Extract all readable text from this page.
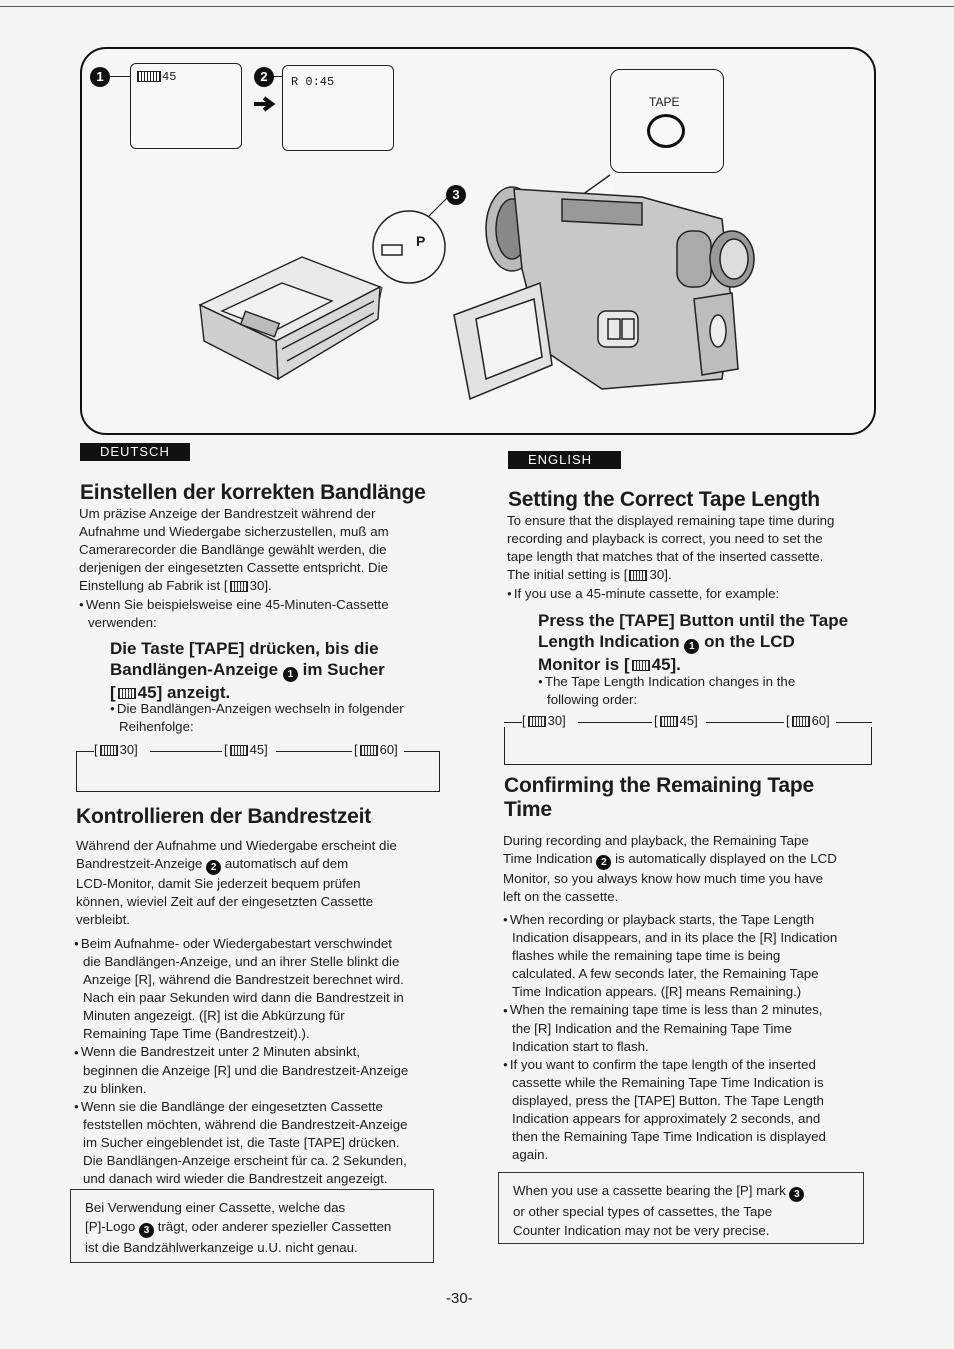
1	45	2	R 0:45
TAPE
3
P
DEUTSCH
Einstellen der korrekten Bandlänge

Um präzise Anzeige der Bandrestzeit während der

Aufnahme und Wiedergabe sicherzustellen, muß am

Camerarecorder die Bandlänge gewählt werden, die

derjenigen der eingesetzten Cassette entspricht. Die

Einstellung ab Fabrik ist [ 30].

● Wenn Sie beispielsweise eine 45-Minuten-Cassette

verwenden:

Die Taste [TAPE] drücken, bis die
Bandlängen-Anzeige 1 im Sucher
[ 45] anzeigt.

● Die Bandlängen-Anzeigen wechseln in folgender

Reihenfolge:

[ 30]	[ 45]	[ 60]
Kontrollieren der Bandrestzeit

Während der Aufnahme und Wiedergabe erscheint die

Bandrestzeit-Anzeige 2 automatisch auf dem

LCD-Monitor, damit Sie jederzeit bequem prüfen

können, wieviel Zeit auf der eingesetzten Cassette

verbleibt.

● Beim Aufnahme- oder Wiedergabestart verschwindet

die Bandlängen-Anzeige, und an ihrer Stelle blinkt die

Anzeige [R], während die Bandrestzeit berechnet wird.

Nach ein paar Sekunden wird dann die Bandrestzeit in

Minuten angezeigt. ([R] ist die Abkürzung für

Remaining Tape Time (Bandrestzeit).).

● Wenn die Bandrestzeit unter 2 Minuten absinkt,

beginnen die Anzeige [R] und die Bandrestzeit-Anzeige

zu blinken.

● Wenn sie die Bandlänge der eingesetzten Cassette

feststellen möchten, während die Bandrestzeit-Anzeige

im Sucher eingeblendet ist, die Taste [TAPE] drücken.

Die Bandlängen-Anzeige erscheint für ca. 2 Sekunden,

und danach wird wieder die Bandrestzeit angezeigt.

Bei Verwendung einer Cassette, welche das
[P]-Logo 3 trägt, oder anderer spezieller Cassetten
ist die Bandzählwerkanzeige u.U. nicht genau.
ENGLISH
Setting the Correct Tape Length

To ensure that the displayed remaining tape time during

recording and playback is correct, you need to set the

tape length that matches that of the inserted cassette.

The initial setting is [ 30].

● If you use a 45-minute cassette, for example:

Press the [TAPE] Button until the Tape
Length Indication 1 on the LCD
Monitor is [ 45].

● The Tape Length Indication changes in the

following order:

[ 30]	[ 45]	[ 60]
Confirming the Remaining Tape
Time

During recording and playback, the Remaining Tape

Time Indication 2 is automatically displayed on the LCD

Monitor, so you always know how much time you have

left on the cassette.

● When recording or playback starts, the Tape Length

Indication disappears, and in its place the [R] Indication

flashes while the remaining tape time is being

calculated. A few seconds later, the Remaining Tape

Time Indication appears. ([R] means Remaining.)

● When the remaining tape time is less than 2 minutes,

the [R] Indication and the Remaining Tape Time

Indication start to flash.

● If you want to confirm the tape length of the inserted

cassette while the Remaining Tape Time Indication is

displayed, press the [TAPE] Button. The Tape Length

Indication appears for approximately 2 seconds, and

then the Remaining Tape Time Indication is displayed

again.

When you use a cassette bearing the [P] mark 3
or other special types of cassettes, the Tape
Counter Indication may not be very precise.
-30-
